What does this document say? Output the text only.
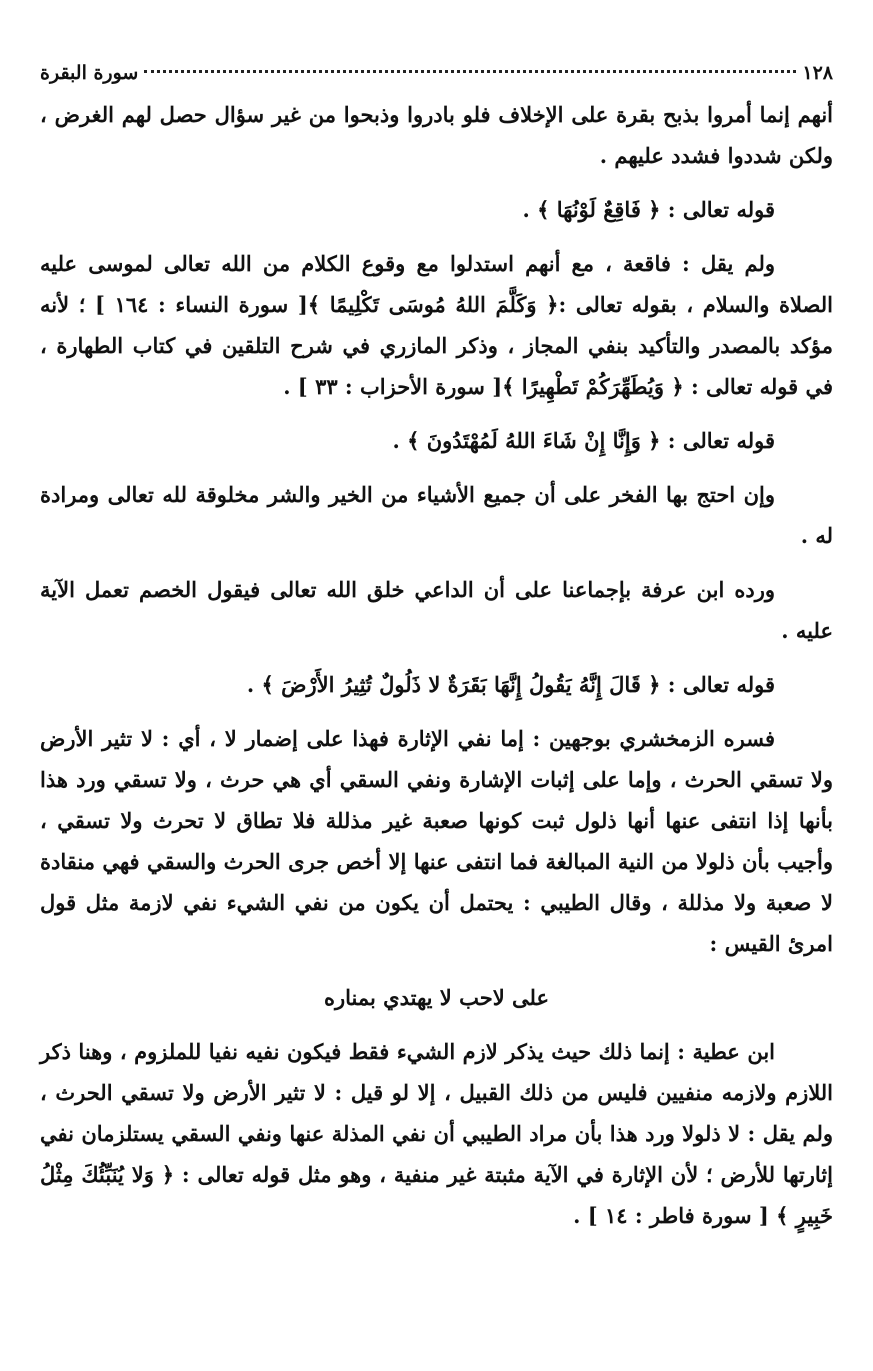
١٢٨
سورة البقرة

أنهم إنما أمروا بذبح بقرة على الإخلاف فلو بادروا وذبحوا من غير سؤال حصل لهم الغرض ، ولكن شددوا فشدد عليهم .

قوله تعالى : ﴿ فَاقِعٌ لَوْنُهَا ﴾ .

ولم يقل : فاقعة ، مع أنهم استدلوا مع وقوع الكلام من الله تعالى لموسى عليه الصلاة والسلام ، بقوله تعالى :﴿ وَكَلَّمَ اللهُ مُوسَى تَكْلِيمًا ﴾[ سورة النساء : ١٦٤ ] ؛ لأنه مؤكد بالمصدر والتأكيد بنفي المجاز ، وذكر المازري في شرح التلقين في كتاب الطهارة ، في قوله تعالى : ﴿ وَيُطَهِّرَكُمْ تَطْهِيرًا ﴾[ سورة الأحزاب : ٣٣ ] .

قوله تعالى : ﴿ وَإِنَّا إِنْ شَاءَ اللهُ لَمُهْتَدُونَ ﴾ .

وإن احتج بها الفخر على أن جميع الأشياء من الخير والشر مخلوقة لله تعالى ومرادة له .

ورده ابن عرفة بإجماعنا على أن الداعي خلق الله تعالى فيقول الخصم تعمل الآية عليه .

قوله تعالى : ﴿ قَالَ إِنَّهُ يَقُولُ إِنَّهَا بَقَرَةٌ لا ذَلُولٌ تُثِيرُ الأَرْضَ ﴾ .

فسره الزمخشري بوجهين : إما نفي الإثارة فهذا على إضمار لا ، أي : لا تثير الأرض ولا تسقي الحرث ، وإما على إثبات الإشارة ونفي السقي أي هي حرث ، ولا تسقي ورد هذا بأنها إذا انتفى عنها أنها ذلول ثبت كونها صعبة غير مذللة فلا تطاق لا تحرث ولا تسقي ، وأجيب بأن ذلولا من النية المبالغة فما انتفى عنها إلا أخص جرى الحرث والسقي فهي منقادة لا صعبة ولا مذللة ، وقال الطيبي : يحتمل أن يكون من نفي الشيء نفي لازمة مثل قول امرئ القيس :

على لاحب لا يهتدي بمناره

ابن عطية : إنما ذلك حيث يذكر لازم الشيء فقط فيكون نفيه نفيا للملزوم ، وهنا ذكر اللازم ولازمه منفيين فليس من ذلك القبيل ، إلا لو قيل : لا تثير الأرض ولا تسقي الحرث ، ولم يقل : لا ذلولا ورد هذا بأن مراد الطيبي أن نفي المذلة عنها ونفي السقي يستلزمان نفي إثارتها للأرض ؛ لأن الإثارة في الآية مثبتة غير منفية ، وهو مثل قوله تعالى : ﴿ وَلا يُنَبِّئُكَ مِثْلُ خَبِيرٍ ﴾ [ سورة فاطر : ١٤ ] .
